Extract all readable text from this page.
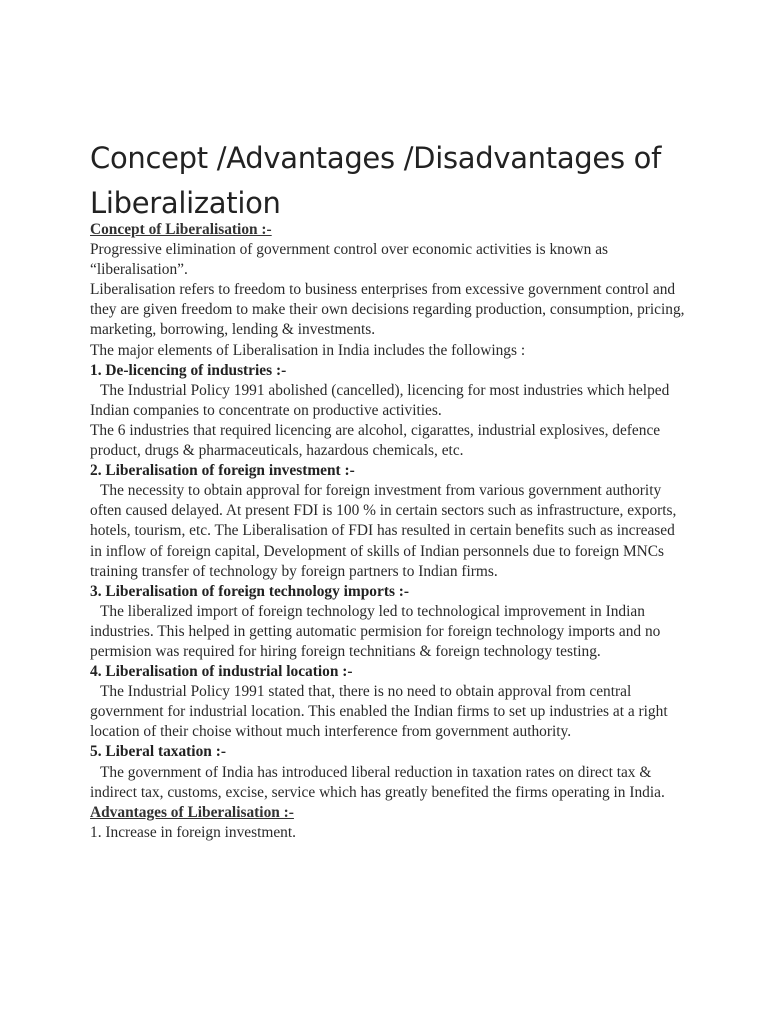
Concept /Advantages /Disadvantages of Liberalization

Concept of Liberalisation :-

Progressive elimination of government control over economic activities is known as “liberalisation”.

Liberalisation refers to freedom to business enterprises from excessive government control and they are given freedom to make their own decisions regarding production, consumption, pricing, marketing, borrowing, lending & investments.

The major elements of Liberalisation in India includes the followings :

1. De-licencing of industries :-

The Industrial Policy 1991 abolished (cancelled), licencing for most industries which helped Indian companies to concentrate on productive activities.

The 6 industries that required licencing are alcohol, cigarattes, industrial explosives, defence product, drugs & pharmaceuticals, hazardous chemicals, etc.

2. Liberalisation of foreign investment :-

The necessity to obtain approval for foreign investment from various government authority often caused delayed. At present FDI is 100 % in certain sectors such as infrastructure, exports, hotels, tourism, etc. The Liberalisation of FDI has resulted in certain benefits such as increased in inflow of foreign capital, Development of skills of Indian personnels due to foreign MNCs training transfer of technology by foreign partners to Indian firms.

3. Liberalisation of foreign technology imports :-

The liberalized import of foreign technology led to technological improvement in Indian industries. This helped in getting automatic permision for foreign technology imports and no permision was required for hiring foreign technitians & foreign technology testing.

4. Liberalisation of industrial location :-

The Industrial Policy 1991 stated that, there is no need to obtain approval from central government for industrial location. This enabled the Indian firms to set up industries at a right location of their choise without much interference from government authority.

5. Liberal taxation :-

The government of India has introduced liberal reduction in taxation rates on direct tax & indirect tax, customs, excise, service which has greatly benefited the firms operating in India.

Advantages of Liberalisation :-

1. Increase in foreign investment.
